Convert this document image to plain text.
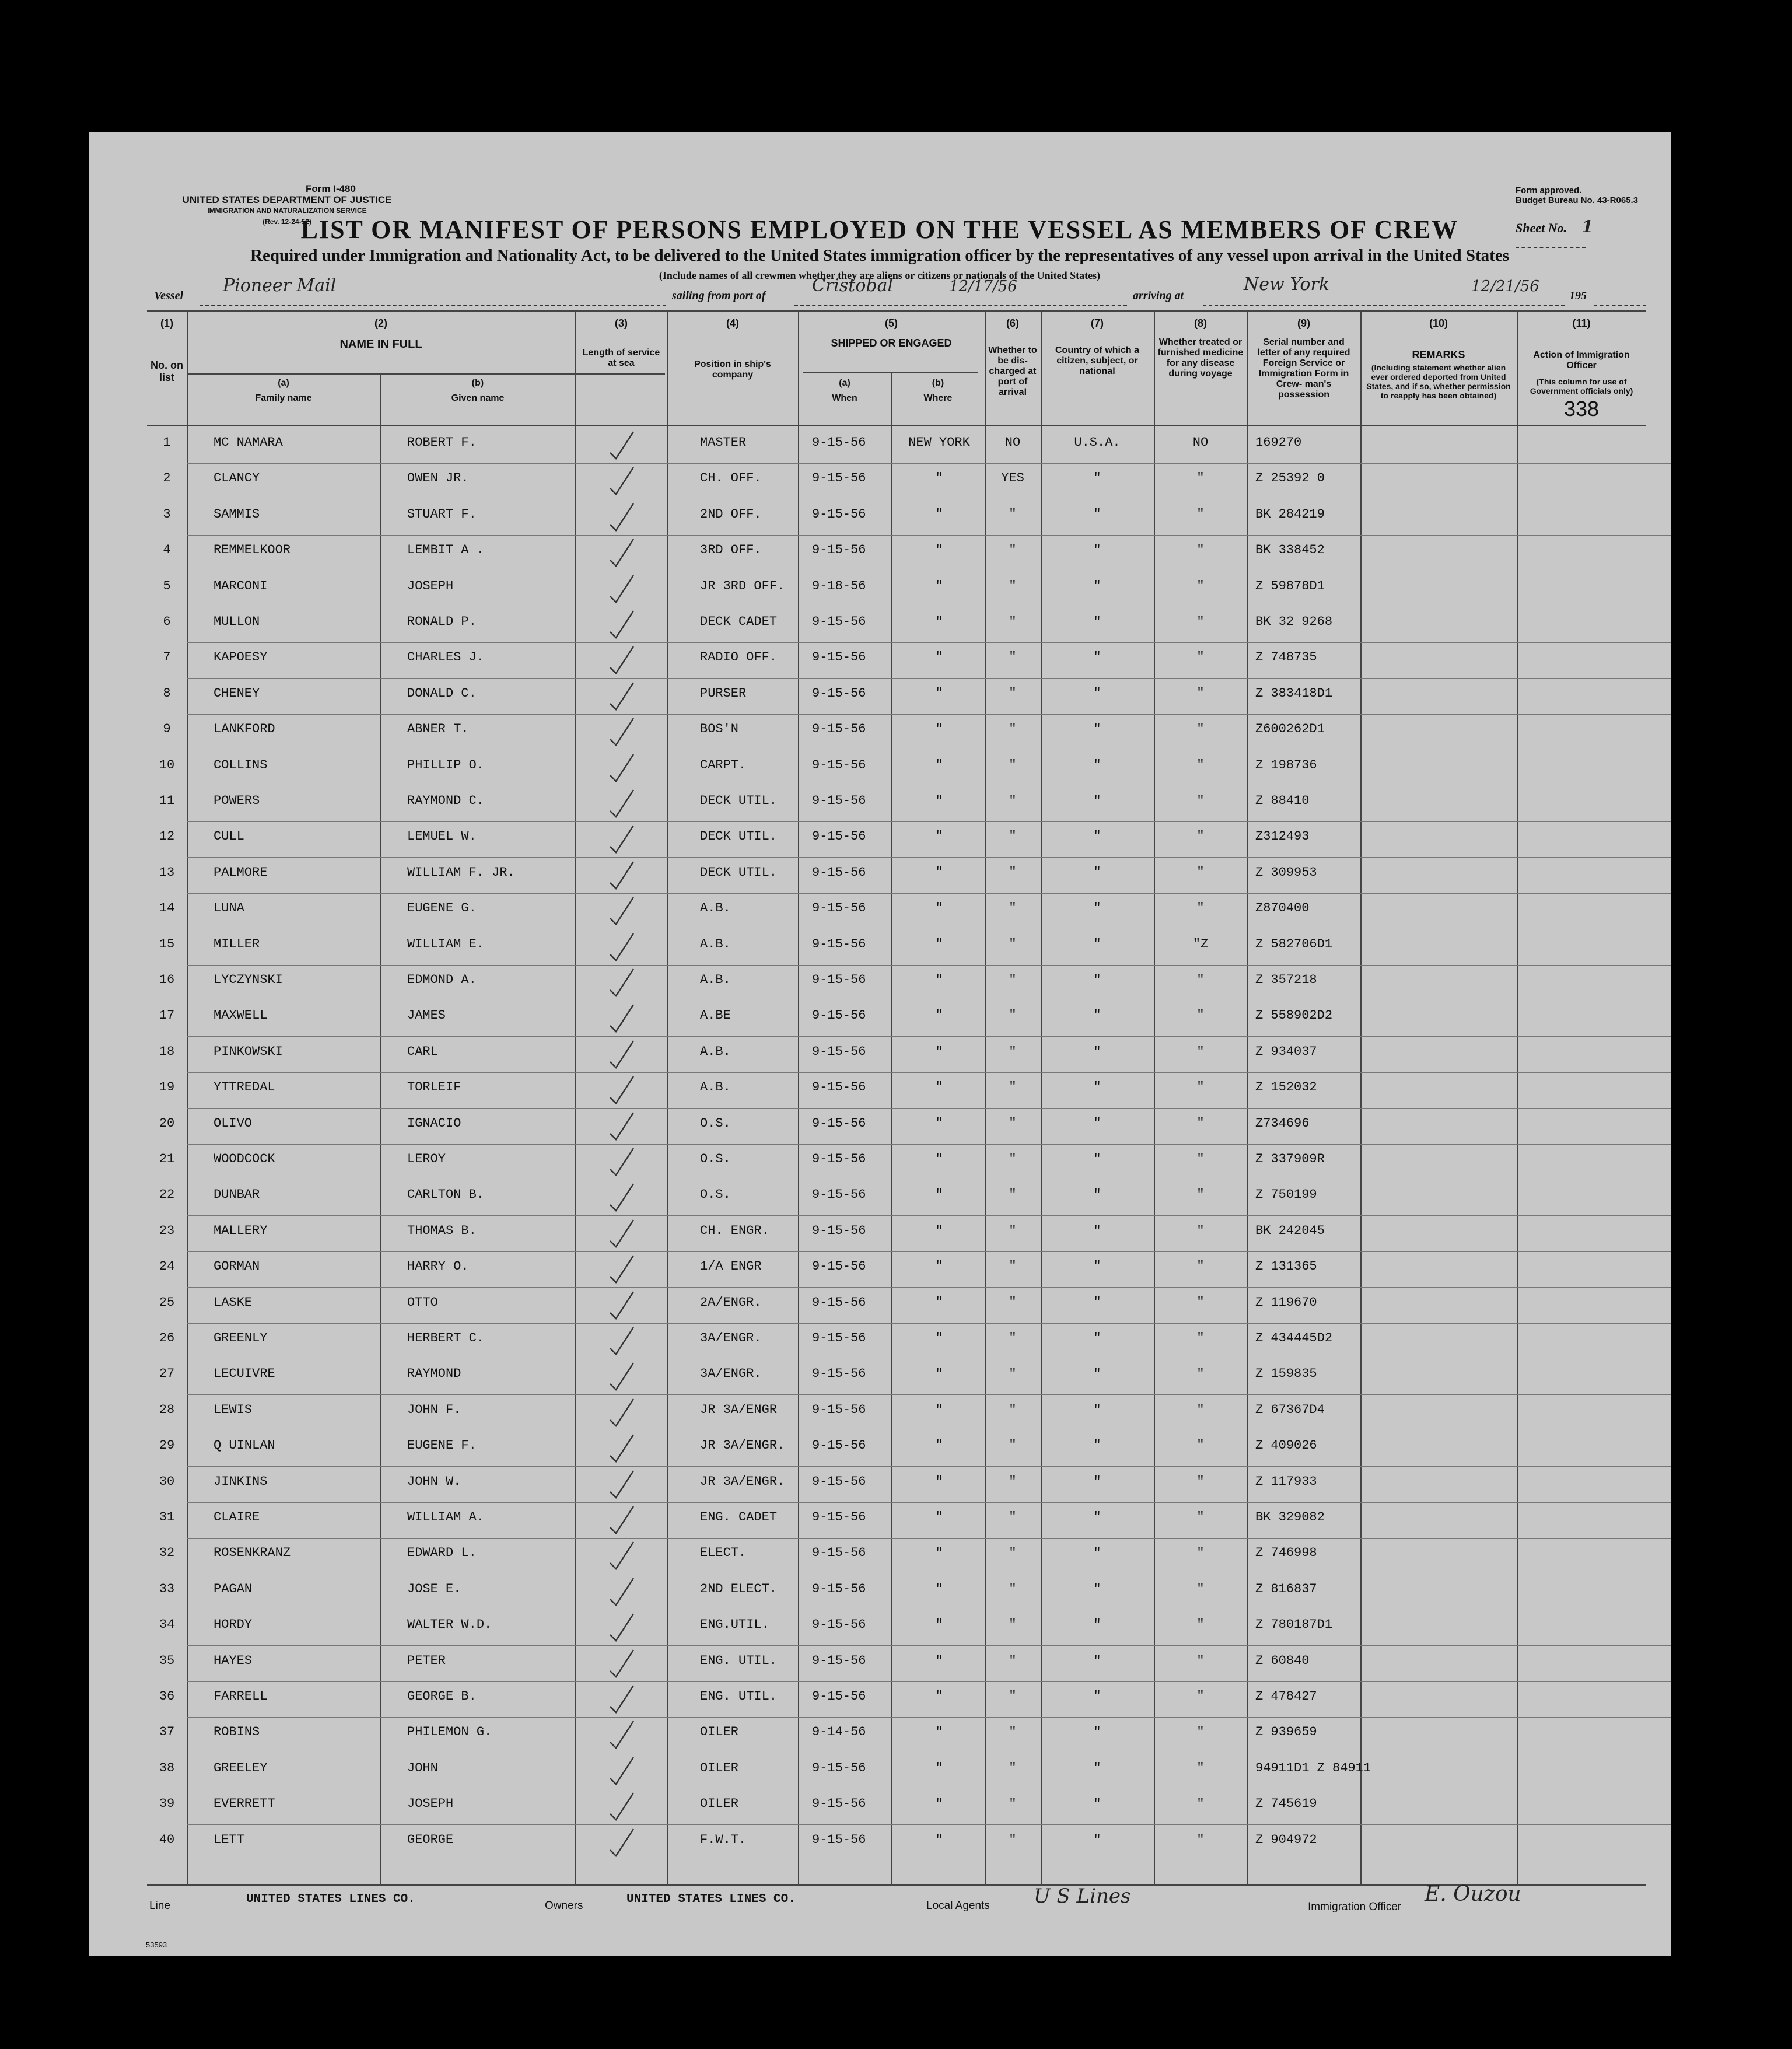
Form I-480
UNITED STATES DEPARTMENT OF JUSTICE
IMMIGRATION AND NATURALIZATION SERVICE
(Rev. 12-24-52)
Form approved.
Budget Bureau No. 43-R065.3
Sheet No. 1
LIST OR MANIFEST OF PERSONS EMPLOYED ON THE VESSEL AS MEMBERS OF CREW
Required under Immigration and Nationality Act, to be delivered to the United States immigration officer by the representatives of any vessel upon arrival in the United States
(Include names of all crewmen whether they are aliens or citizens or nationals of the United States)
Vessel Pioneer Mail	sailing from port of	Cristobal	12/17/56
arriving at
New York	12/21/56
195
(1)	(2)	(3)	(4)	(5)	(6)	(7)	(8)	(9)	(10)	(11)
No. on list
NAME IN FULL
(a)
Family name
(b)
Given name
Length of service at sea	Position in ship's company
SHIPPED OR ENGAGED
(a)
When
(b)
Where
Whether to be dis- charged at port of arrival
Country of which a citizen, subject, or national
Whether treated or furnished medicine for any disease during voyage
Serial number and letter of any required Foreign Service or Immigration Form in Crew- man's possession
REMARKS
(Including statement whether alien ever ordered deported from United States, and if so, whether permission to reapply has been obtained)
Action of Immigration Officer
(This column for use of Government officials only)
338
1	MC NAMARA	ROBERT F.	MASTER	9-15-56	NEW YORK	NO	U.S.A.	NO	169270
2	CLANCY	OWEN JR.	CH. OFF.	9-15-56	"	YES	"	"	Z 25392 0
3	SAMMIS	STUART F.	2ND OFF.	9-15-56	"	"	"	"	BK 284219
4	REMMELKOOR	LEMBIT A .	3RD OFF.	9-15-56	"	"	"	"	BK 338452
5	MARCONI	JOSEPH	JR 3RD OFF. 9-18-56	"	"	"	"	Z 59878D1
6	MULLON	RONALD P.	DECK CADET	9-15-56	"	"	"	"	BK 32 9268
7	KAPOESY	CHARLES J.	RADIO OFF.	9-15-56	"	"	"	"	Z 748735
8	CHENEY	DONALD C.	PURSER	9-15-56	"	"	"	"	Z 383418D1
9	LANKFORD	ABNER T.	BOS'N	9-15-56	"	"	"	"	Z600262D1
10	COLLINS	PHILLIP O.	CARPT.	9-15-56	"	"	"	"	Z 198736
11	POWERS	RAYMOND C.	DECK UTIL.	9-15-56	"	"	"	"	Z 88410
12	CULL	LEMUEL W.	DECK UTIL.	9-15-56	"	"	"	"	Z312493
13	PALMORE	WILLIAM F. JR.	DECK UTIL.	9-15-56	"	"	"	"	Z 309953
14	LUNA	EUGENE G.	A.B.	9-15-56	"	"	"	"	Z870400
15	MILLER	WILLIAM E.	A.B.	9-15-56	"	"	"	"Z	Z 582706D1
16	LYCZYNSKI	EDMOND A.	A.B.	9-15-56	"	"	"	"	Z 357218
17	MAXWELL	JAMES	A.BE	9-15-56	"	"	"	"	Z 558902D2
18	PINKOWSKI	CARL	A.B.	9-15-56	"	"	"	"	Z 934037
19	YTTREDAL	TORLEIF	A.B.	9-15-56	"	"	"	"	Z 152032
20	OLIVO	IGNACIO	O.S.	9-15-56	"	"	"	"	Z734696
21	WOODCOCK	LEROY	O.S.	9-15-56	"	"	"	"	Z 337909R
22	DUNBAR	CARLTON B.	O.S.	9-15-56	"	"	"	"	Z 750199
23	MALLERY	THOMAS B.	CH. ENGR.	9-15-56	"	"	"	"	BK 242045
24	GORMAN	HARRY O.	1/A ENGR	9-15-56	"	"	"	"	Z 131365
25	LASKE	OTTO	2A/ENGR.	9-15-56	"	"	"	"	Z 119670
26	GREENLY	HERBERT C.	3A/ENGR.	9-15-56	"	"	"	"	Z 434445D2
27	LECUIVRE	RAYMOND	3A/ENGR.	9-15-56	"	"	"	"	Z 159835
28	LEWIS	JOHN F.	JR 3A/ENGR	9-15-56	"	"	"	"	Z 67367D4
29	Q UINLAN	EUGENE F.	JR 3A/ENGR. 9-15-56	"	"	"	"	Z 409026
30	JINKINS	JOHN W.	JR 3A/ENGR. 9-15-56	"	"	"	"	Z 117933
31	CLAIRE	WILLIAM A.	ENG. CADET	9-15-56	"	"	"	"	BK 329082
32	ROSENKRANZ	EDWARD L.	ELECT.	9-15-56	"	"	"	"	Z 746998
33	PAGAN	JOSE E.	2ND ELECT.	9-15-56	"	"	"	"	Z 816837
34	HORDY	WALTER W.D.	ENG.UTIL.	9-15-56	"	"	"	"	Z 780187D1
35	HAYES	PETER	ENG. UTIL.	9-15-56	"	"	"	"	Z 60840
36	FARRELL	GEORGE B.	ENG. UTIL.	9-15-56	"	"	"	"	Z 478427
37	ROBINS	PHILEMON G.	OILER	9-14-56	"	"	"	"	Z 939659
38	GREELEY	JOHN	OILER	9-15-56	"	"	"	"	94911D1 Z 84911
39	EVERRETT	JOSEPH	OILER	9-15-56	"	"	"	"	Z 745619
40	LETT	GEORGE	F.W.T.	9-15-56	"	"	"	"	Z 904972
Line	UNITED STATES LINES CO.	Owners	UNITED STATES LINES CO.	Local Agents U S Lines	Immigration Officer
E. Ouzou
53593
